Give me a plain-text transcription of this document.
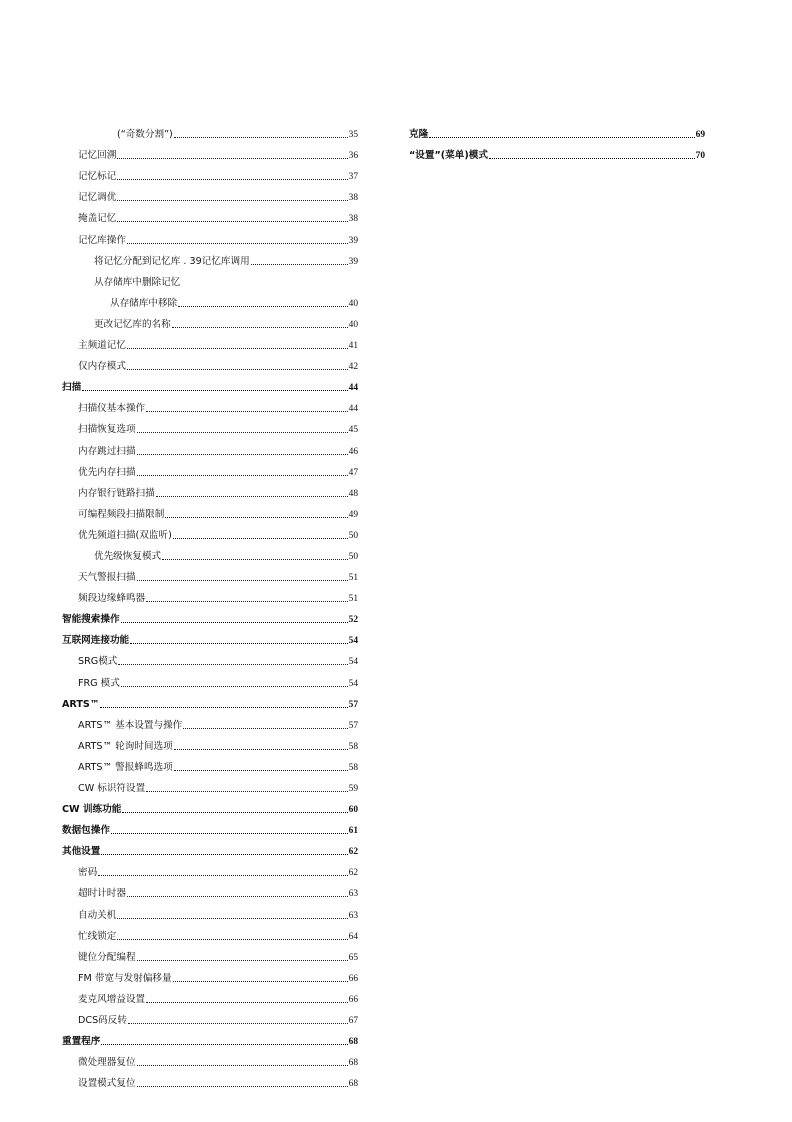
(“奇数分割”)	35
记忆回溯	36
记忆标记	37
记忆调优	38
掩盖记忆	38
记忆库操作	39
将记忆分配到记忆库 . 39记忆库调用	39
从存储库中删除记忆
从存储库中移除	40
更改记忆库的名称	40
主频道记忆	41
仅内存模式	42
扫描	44
扫描仪基本操作	44
扫描恢复选项	45
内存跳过扫描	46
优先内存扫描	47
内存银行链路扫描	48
可编程频段扫描限制	49
优先频道扫描(双监听)	50
优先级恢复模式	50
天气警报扫描	51
频段边缘蜂鸣器	51
智能搜索操作	52
互联网连接功能	54
SRG模式	54
FRG 模式	54
ARTS™	57
ARTS™ 基本设置与操作	57
ARTS™ 轮询时间选项	58
ARTS™ 警报蜂鸣选项	58
CW 标识符设置	59
CW 训练功能	60
数据包操作	61
其他设置	62
密码	62
超时计时器	63
自动关机	63
忙线锁定	64
键位分配编程	65
FM 带宽与发射偏移量	66
麦克风增益设置	66
DCS码反转	67
重置程序	68
微处理器复位	68
设置模式复位	68
克隆	69
“设置”(菜单)模式	70
